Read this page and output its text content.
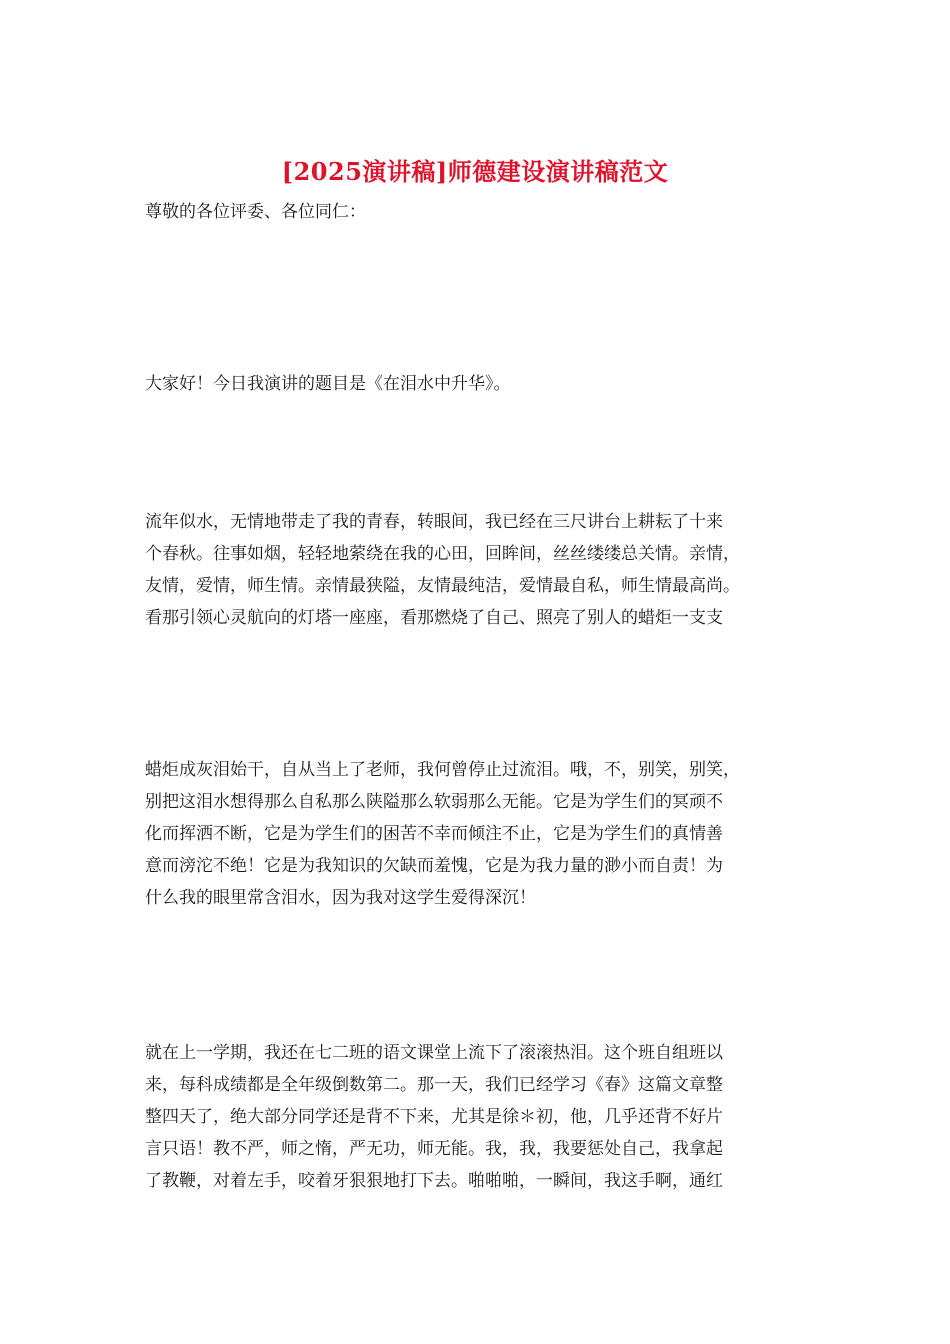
[2025演讲稿]师德建设演讲稿范文
尊敬的各位评委、各位同仁：
大家好！今日我演讲的题目是《在泪水中升华》。
流年似水，无情地带走了我的青春，转眼间，我已经在三尺讲台上耕耘了十来
个春秋。往事如烟，轻轻地萦绕在我的心田，回眸间，丝丝缕缕总关情。亲情，
友情，爱情，师生情。亲情最狭隘，友情最纯洁，爱情最自私，师生情最高尚。
看那引领心灵航向的灯塔一座座，看那燃烧了自己、照亮了别人的蜡炬一支支
蜡炬成灰泪始干，自从当上了老师，我何曾停止过流泪。哦，不，别笑，别笑，
别把这泪水想得那么自私那么陕隘那么软弱那么无能。它是为学生们的冥顽不
化而挥洒不断，它是为学生们的困苦不幸而倾注不止，它是为学生们的真情善
意而滂沱不绝！它是为我知识的欠缺而羞愧，它是为我力量的渺小而自责！为
什么我的眼里常含泪水，因为我对这学生爱得深沉！
就在上一学期，我还在七二班的语文课堂上流下了滚滚热泪。这个班自组班以
来，每科成绩都是全年级倒数第二。那一天，我们已经学习《春》这篇文章整
整四天了，绝大部分同学还是背不下来，尤其是徐＊初，他，几乎还背不好片
言只语！教不严，师之惰，严无功，师无能。我，我，我要惩处自己，我拿起
了教鞭，对着左手，咬着牙狠狠地打下去。啪啪啪，一瞬间，我这手啊，通红
